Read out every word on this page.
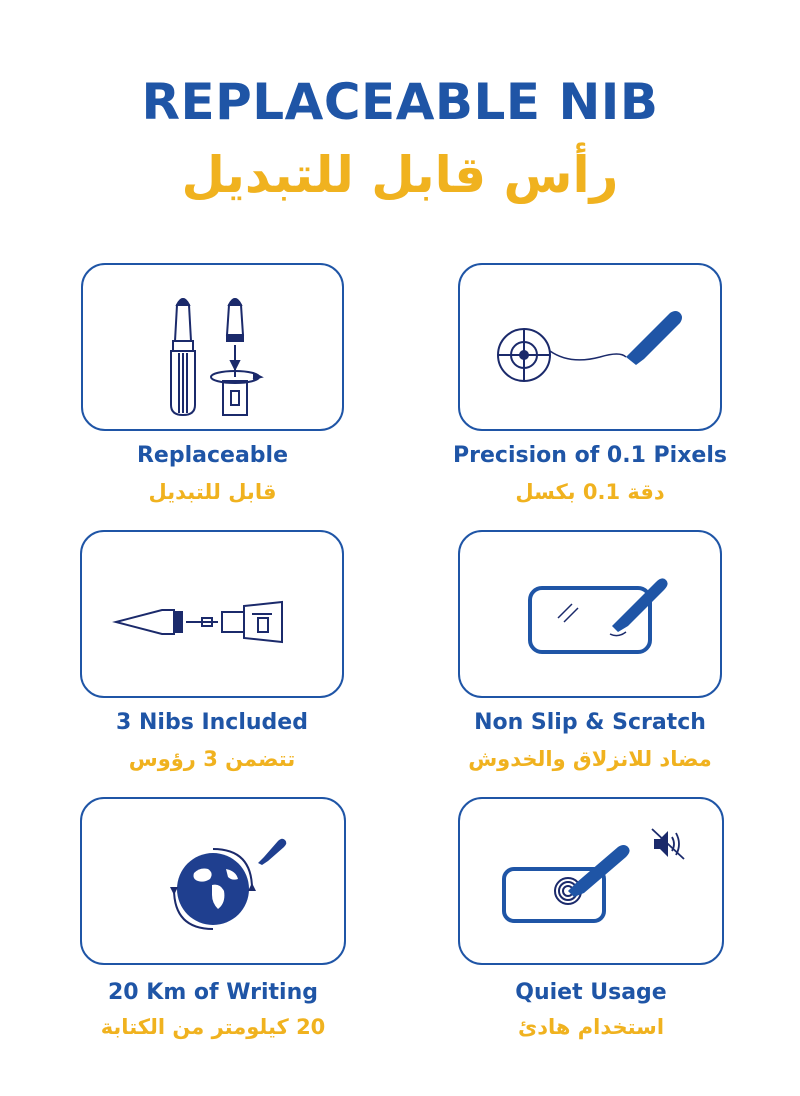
REPLACEABLE NIB
رأس قابل للتبديل
Replaceable
قابل للتبديل
Precision of 0.1 Pixels
دقة 0.1 بكسل
3 Nibs Included
تتضمن 3 رؤوس
Non Slip & Scratch
مضاد للانزلاق والخدوش
20 Km of Writing
20 كيلومتر من الكتابة
Quiet Usage
استخدام هادئ
